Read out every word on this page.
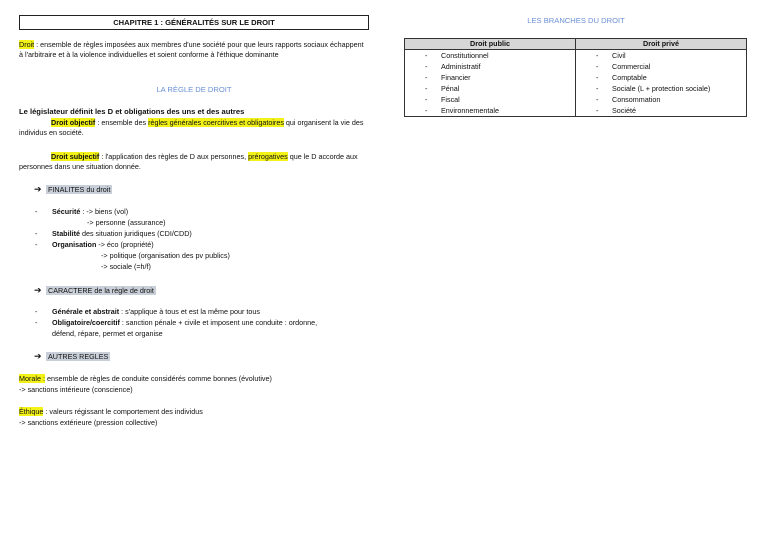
CHAPITRE 1 : GÉNÉRALITÉS SUR LE DROIT
Droit : ensemble de règles imposées aux membres d'une société pour que leurs rapports sociaux échappent à l'arbitraire et à la violence individuelles et soient conforme à l'éthique dominante
LA RÈGLE DE DROIT
Le législateur définit les D et obligations des uns et des autres
Droit objectif : ensemble des règles générales coercitives et obligatoires qui organisent la vie des individus en société.
Droit subjectif : l'application des règles de D aux personnes, prérogatives que le D accorde aux personnes dans une situation donnée.
➔ FINALITES du droit
- Sécurité : -> biens (vol)
-> personne (assurance)
- Stabilité des situation juridiques (CDI/CDD)
- Organisation -> éco (propriété)
-> politique (organisation des pv publics)
-> sociale (=h/f)
➔ CARACTERE de la règle de droit
- Générale et abstrait : s'applique à tous et est la même pour tous
- Obligatoire/coercitif : sanction pénale + civile et imposent une conduite : ordonne,
défend, répare, permet et organise
➔ AUTRES REGLES
Morale : ensemble de règles de conduite considérés comme bonnes (évolutive)
-> sanctions intérieure (conscience)
Éthique : valeurs régissant le comportement des individus
-> sanctions extérieure (pression collective)
LES BRANCHES DU DROIT
Droit public	Droit privé
- Constitutionnel	- Civil
- Administratif	- Commercial
- Financier	- Comptable
- Pénal	- Sociale (L + protection sociale)
- Fiscal	- Consommation
- Environnementale	- Société
